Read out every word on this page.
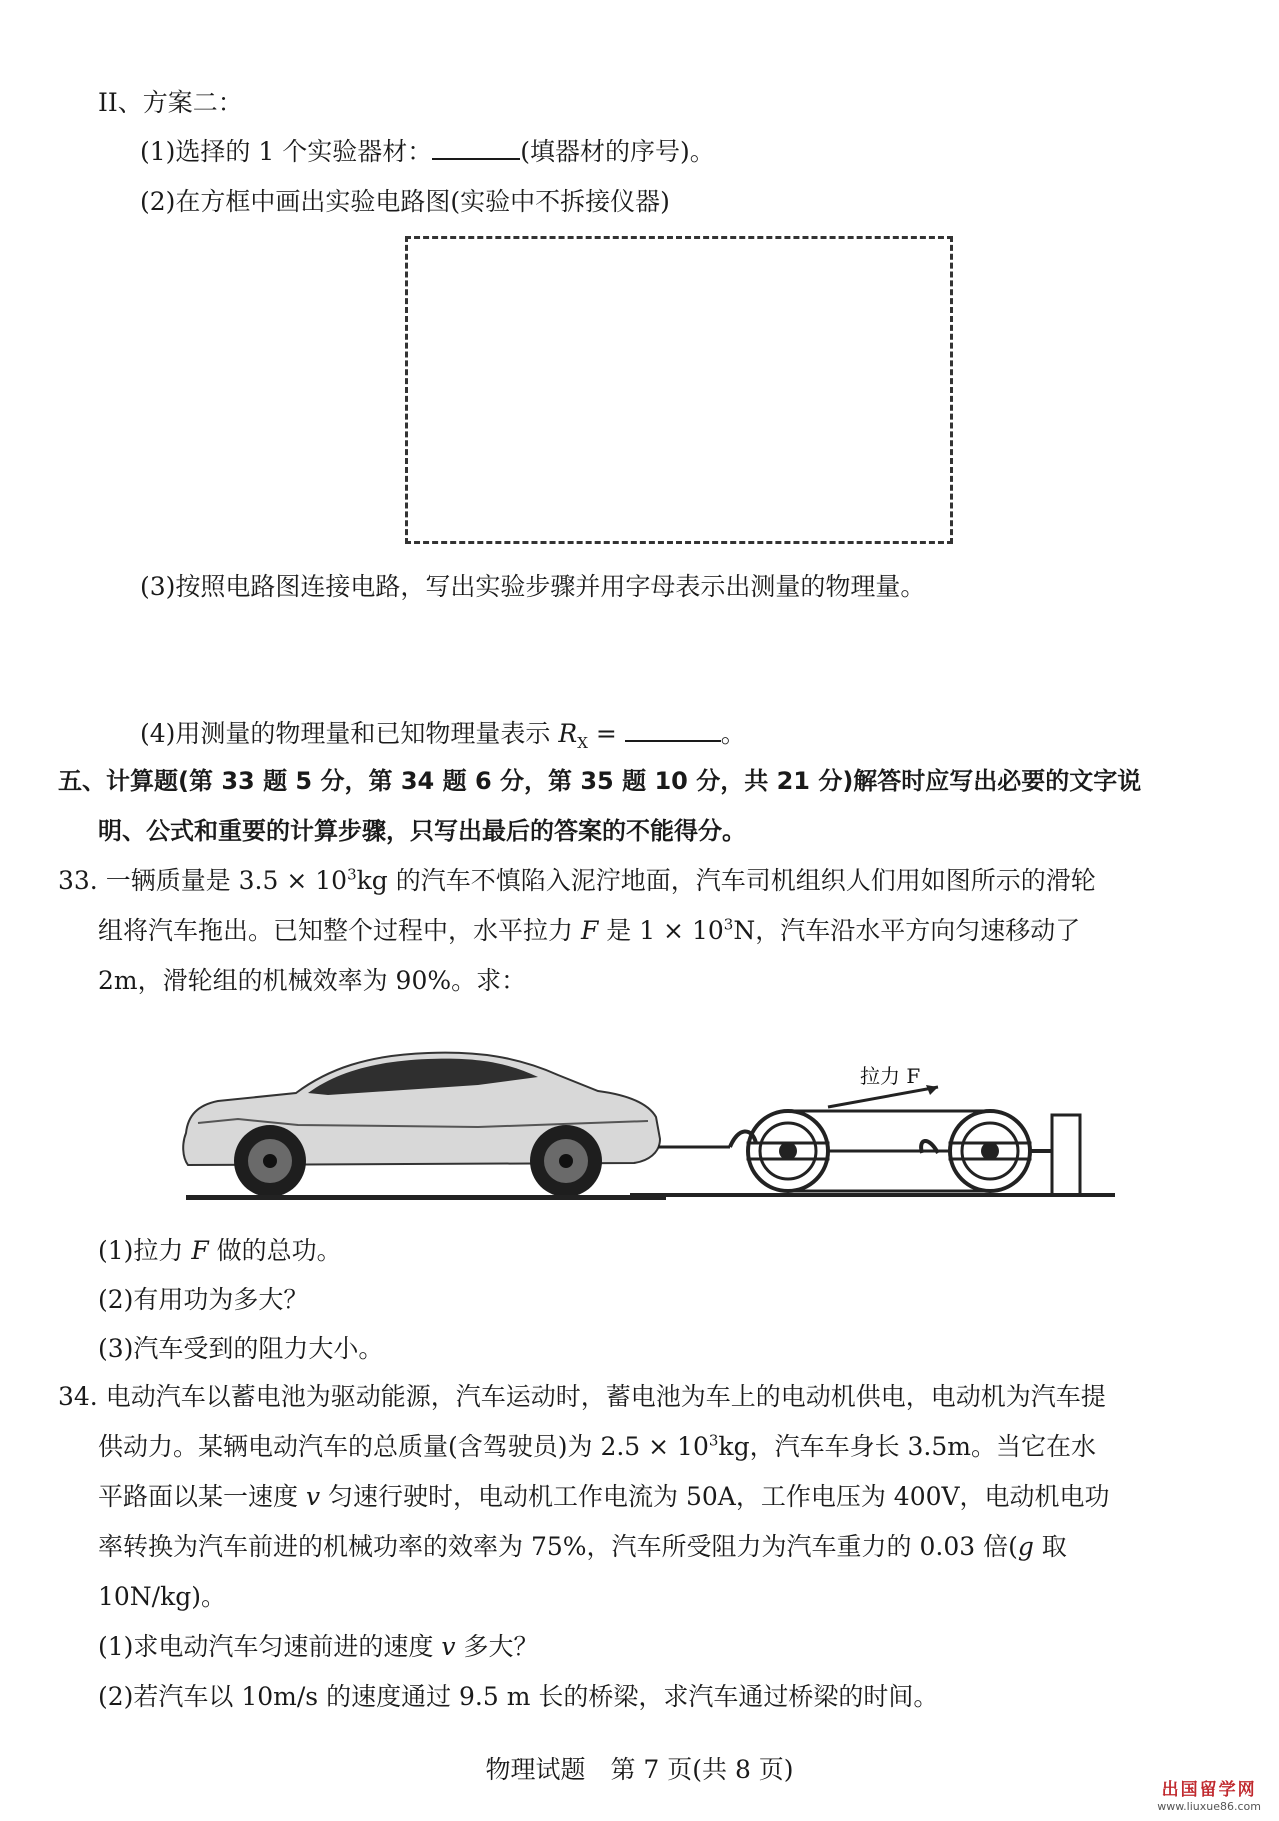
II、方案二：
(1)选择的 1 个实验器材：	(填器材的序号)。
(2)在方框中画出实验电路图(实验中不拆接仪器)
(3)按照电路图连接电路，写出实验步骤并用字母表示出测量的物理量。
(4)用测量的物理量和已知物理量表示 $R_X$ =	。
五、计算题(第 33 题 5 分，第 34 题 6 分，第 35 题 10 分，共 21 分)解答时应写出必要的文字说
明、公式和重要的计算步骤，只写出最后的答案的不能得分。
33. 一辆质量是 $3.5 \times 10^3kg$ 的汽车不慎陷入泥泞地面，汽车司机组织人们用如图所示的滑轮
组将汽车拖出。已知整个过程中，水平拉力 F 是 $1 \times 10^3N$，汽车沿水平方向匀速移动了
2m，滑轮组的机械效率为 90%。求：
拉力 F
(1)拉力 F 做的总功。
(2)有用功为多大？
(3)汽车受到的阻力大小。
34. 电动汽车以蓄电池为驱动能源，汽车运动时，蓄电池为车上的电动机供电，电动机为汽车提
供动力。某辆电动汽车的总质量(含驾驶员)为 $2.5 \times 10^3kg$，汽车车身长 3.5m。当它在水
平路面以某一速度 v 匀速行驶时，电动机工作电流为 50A，工作电压为 400V，电动机电功
率转换为汽车前进的机械功率的效率为 75%，汽车所受阻力为汽车重力的 0.03 倍(g 取
10N/kg)。
(1)求电动汽车匀速前进的速度 v 多大？
(2)若汽车以 10m/s 的速度通过 9.5 m 长的桥梁，求汽车通过桥梁的时间。
物理试题　第 7 页(共 8 页)
出国留学网
www.liuxue86.com
